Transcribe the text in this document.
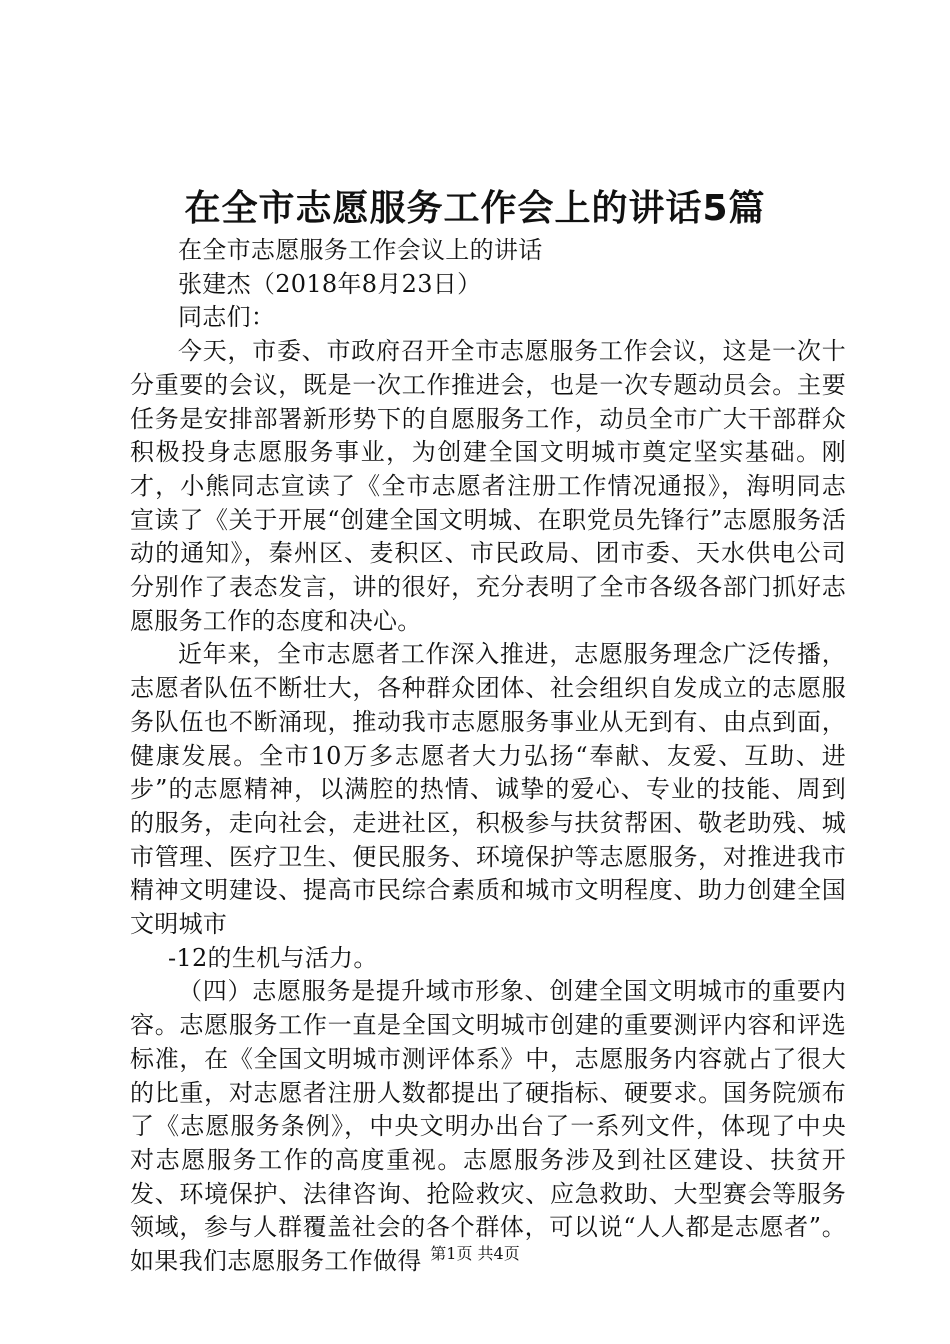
在全市志愿服务工作会上的讲话5篇
在全市志愿服务工作会议上的讲话
张建杰（2018年8月23日）
同志们：

今天，市委、市政府召开全市志愿服务工作会议，这是一次十分重要的会议，既是一次工作推进会，也是一次专题动员会。主要任务是安排部署新形势下的自愿服务工作，动员全市广大干部群众积极投身志愿服务事业，为创建全国文明城市奠定坚实基础。刚才，小熊同志宣读了《全市志愿者注册工作情况通报》，海明同志宣读了《关于开展“创建全国文明城、在职党员先锋行”志愿服务活动的通知》，秦州区、麦积区、市民政局、团市委、天水供电公司分别作了表态发言，讲的很好，充分表明了全市各级各部门抓好志愿服务工作的态度和决心。

近年来，全市志愿者工作深入推进，志愿服务理念广泛传播，志愿者队伍不断壮大，各种群众团体、社会组织自发成立的志愿服务队伍也不断涌现，推动我市志愿服务事业从无到有、由点到面，健康发展。全市10万多志愿者大力弘扬“奉献、友爱、互助、进步”的志愿精神，以满腔的热情、诚挚的爱心、专业的技能、周到的服务，走向社会，走进社区，积极参与扶贫帮困、敬老助残、城市管理、医疗卫生、便民服务、环境保护等志愿服务，对推进我市精神文明建设、提高市民综合素质和城市文明程度、助力创建全国文明城市

-12的生机与活力。

（四）志愿服务是提升域市形象、创建全国文明城市的重要内容。志愿服务工作一直是全国文明城市创建的重要测评内容和评选标准，在《全国文明城市测评体系》中，志愿服务内容就占了很大的比重，对志愿者注册人数都提出了硬指标、硬要求。国务院颁布了《志愿服务条例》，中央文明办出台了一系列文件，体现了中央对志愿服务工作的高度重视。志愿服务涉及到社区建设、扶贫开发、环境保护、法律咨询、抢险救灾、应急救助、大型赛会等服务领域，参与人群覆盖社会的各个群体，可以说“人人都是志愿者”。如果我们志愿服务工作做得 第1页 共4页
